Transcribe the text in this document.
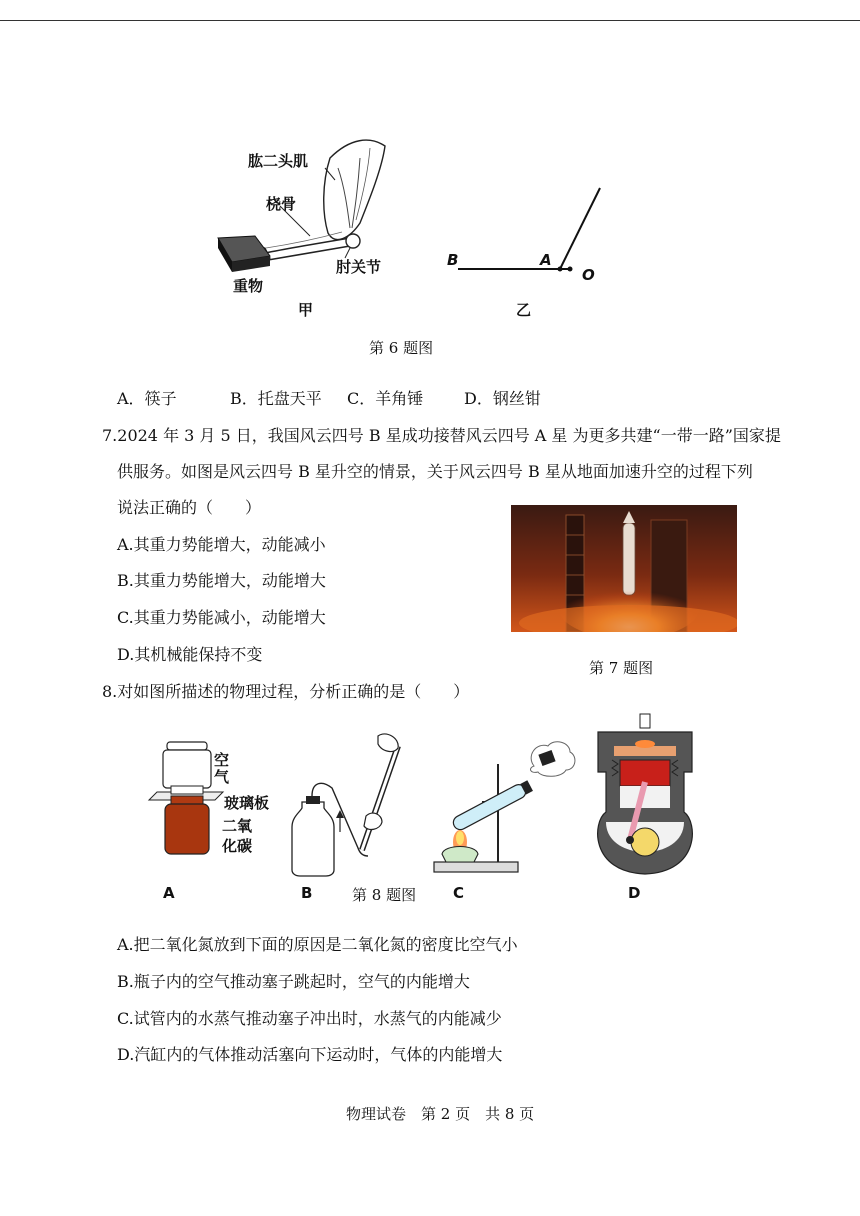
肱二头肌
桡骨
肘关节
重物
甲
B	A
O
乙
第 6 题图
A．筷子	B．托盘天平 C．羊角锤	D．钢丝钳
7.2024 年 3 月 5 日，我国风云四号 B 星成功接替风云四号 A 星 为更多共建“一带一路”国家提
供服务。如图是风云四号 B 星升空的情景，关于风云四号 B 星从地面加速升空的过程下列
说法正确的（　　）
A.其重力势能增大，动能减小
B.其重力势能增大，动能增大
C.其重力势能减小，动能增大
D.其机械能保持不变
第 7 题图
8.对如图所描述的物理过程，分析正确的是（　　）
空
气
玻璃板
二氧
化碳
A	B	第 8 题图 C	D
A.把二氧化氮放到下面的原因是二氧化氮的密度比空气小
B.瓶子内的空气推动塞子跳起时，空气的内能增大
C.试管内的水蒸气推动塞子冲出时，水蒸气的内能减少
D.汽缸内的气体推动活塞向下运动时，气体的内能增大
物理试卷　第 2 页　共 8 页
